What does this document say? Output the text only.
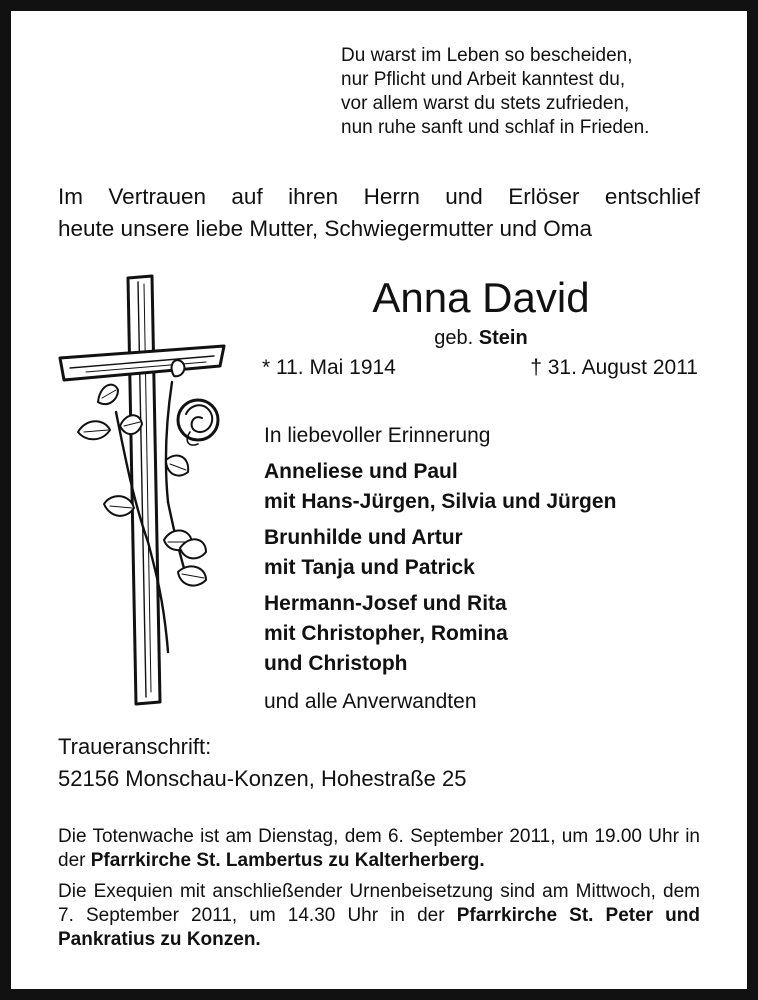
Du warst im Leben so bescheiden,
nur Pflicht und Arbeit kanntest du,
vor allem warst du stets zufrieden,
nun ruhe sanft und schlaf in Frieden.
Im Vertrauen auf ihren Herrn und Erlöser entschlief
heute unsere liebe Mutter, Schwiegermutter und Oma
Anna David
geb. Stein
* 11. Mai 1914	† 31. August 2011
In liebevoller Erinnerung
Anneliese und Paul
mit Hans-Jürgen, Silvia und Jürgen
Brunhilde und Artur
mit Tanja und Patrick
Hermann-Josef und Rita
mit Christopher, Romina
und Christoph
und alle Anverwandten
Traueranschrift:
52156 Monschau-Konzen, Hohestraße 25

Die Totenwache ist am Dienstag, dem 6. September 2011, um 19.00 Uhr in der Pfarrkirche St. Lambertus zu Kalterherberg.

Die Exequien mit anschließender Urnenbeisetzung sind am Mittwoch, dem 7. September 2011, um 14.30 Uhr in der Pfarrkirche St. Peter und Pankratius zu Konzen.
